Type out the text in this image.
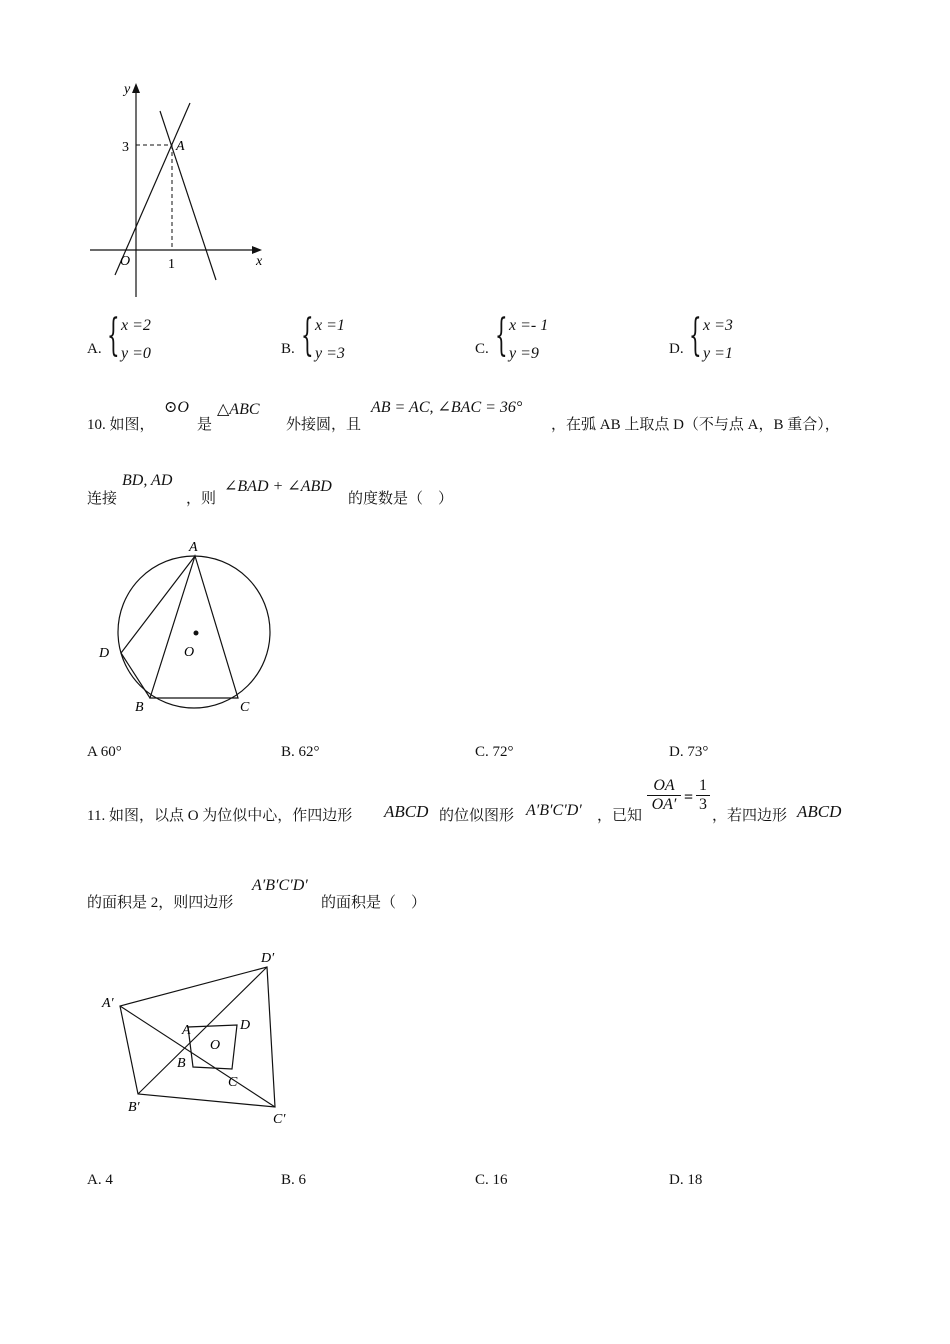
y
x
O
3
1
A
A. { x =2
y =0	B. { x =1
y =3	C. { x =- 1
y =9	D. { x =3
y =1
10. 如图，
⊙O
是
△ABC
外接圆，且
AB = AC, ∠BAC = 36°
，在弧 AB 上取点 D（不与点 A，B 重合），
连接
BD, AD
，则
∠BAD + ∠ABD
的度数是（　）
A
B	C
D	O
A 60°	B. 62°	C. 72°	D. 73°
11. 如图，以点 O 为位似中心，作四边形 ABCD 的位似图形 A′B′C′D′ ，已知
$\frac{OA}{OA'} = \frac{1}{3}$
，若四边形 ABCD
的面积是 2，则四边形
A′B′C′D′
的面积是（　）
A′
B′
C′
D′
A
B
C
D
O
A. 4	B. 6	C. 16	D. 18
